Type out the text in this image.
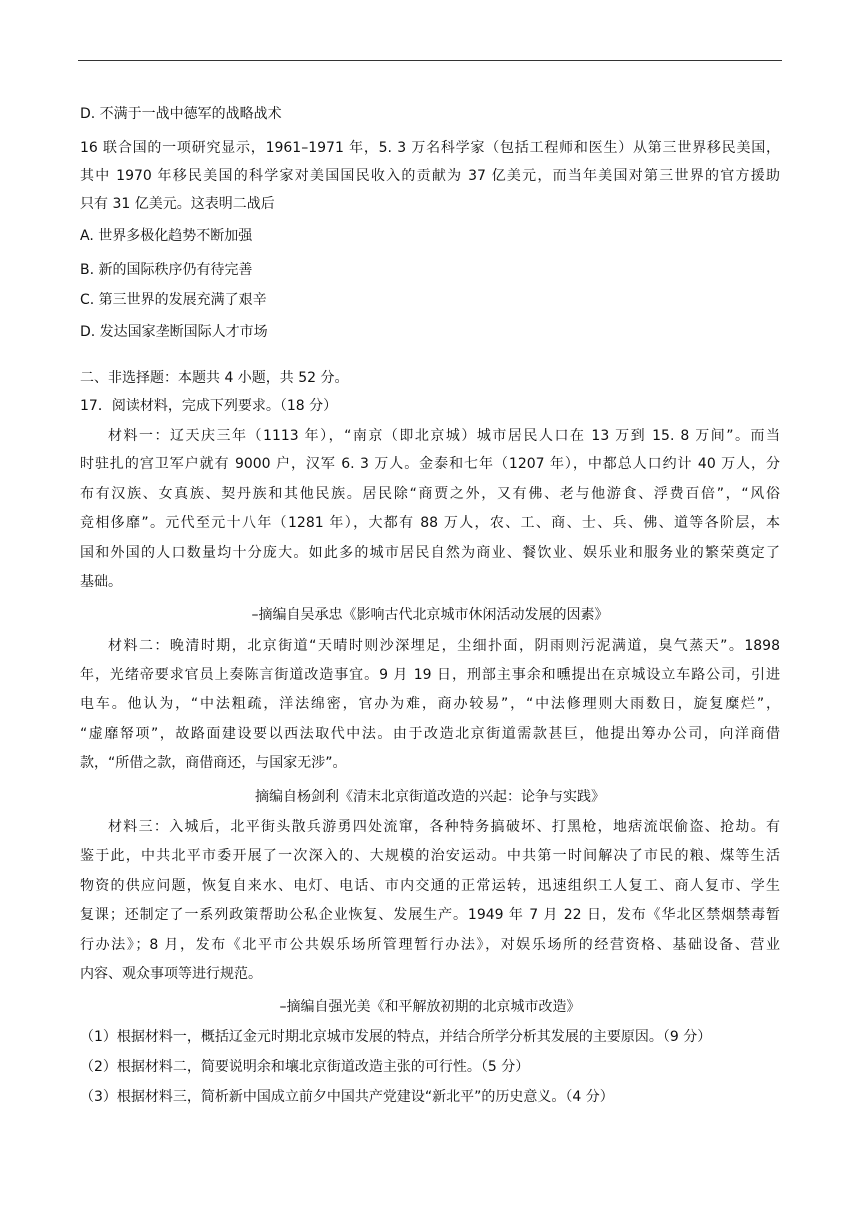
D. 不满于一战中德军的战略战术
16 联合国的一项研究显示，1961–1971 年，5. 3 万名科学家（包括工程师和医生）从第三世界移民美国，
其中 1970 年移民美国的科学家对美国国民收入的贡献为 37 亿美元，而当年美国对第三世界的官方援助
只有 31 亿美元。这表明二战后
A. 世界多极化趋势不断加强
B. 新的国际秩序仍有待完善
C. 第三世界的发展充满了艰辛
D. 发达国家垄断国际人才市场
二、非选择题：本题共 4 小题，共 52 分。
17．阅读材料，完成下列要求。（18 分）
材料一：辽天庆三年（1113 年），“南京（即北京城）城市居民人口在 13 万到 15. 8 万间”。而当
时驻扎的宫卫军户就有 9000 户，汉军 6. 3 万人。金泰和七年（1207 年），中都总人口约计 40 万人，分
布有汉族、女真族、契丹族和其他民族。居民除“商贾之外，又有佛、老与他游食、浮费百倍”，“风俗
竞相侈靡”。元代至元十八年（1281 年），大都有 88 万人，农、工、商、士、兵、佛、道等各阶层，本
国和外国的人口数量均十分庞大。如此多的城市居民自然为商业、餐饮业、娱乐业和服务业的繁荣奠定了
基础。
–摘编自吴承忠《影响古代北京城市休闲活动发展的因素》
材料二：晚清时期，北京街道“天晴时则沙深埋足，尘细扑面，阴雨则污泥满道，臭气蒸天”。1898
年，光绪帝要求官员上奏陈言街道改造事宜。9 月 19 日，刑部主事余和曛提出在京城设立车路公司，引进
电车。他认为，“中法粗疏，洋法绵密，官办为难，商办较易”，“中法修理则大雨数日，旋复糜烂”，
“虚靡帑项”，故路面建设要以西法取代中法。由于改造北京街道需款甚巨，他提出筹办公司，向洋商借
款，“所借之款，商借商还，与国家无涉”。
摘编自杨剑利《清末北京街道改造的兴起：论争与实践》
材料三：入城后，北平街头散兵游勇四处流窜，各种特务搞破坏、打黑枪，地痞流氓偷盗、抢劫。有
鉴于此，中共北平市委开展了一次深入的、大规模的治安运动。中共第一时间解决了市民的粮、煤等生活
物资的供应问题，恢复自来水、电灯、电话、市内交通的正常运转，迅速组织工人复工、商人复市、学生
复课；还制定了一系列政策帮助公私企业恢复、发展生产。1949 年 7 月 22 日，发布《华北区禁烟禁毒暂
行办法》；8 月，发布《北平市公共娱乐场所管理暂行办法》，对娱乐场所的经营资格、基础设备、营业
内容、观众事项等进行规范。
–摘编自强光美《和平解放初期的北京城市改造》
（1）根据材料一，概括辽金元时期北京城市发展的特点，并结合所学分析其发展的主要原因。（9 分）
（2）根据材料二，简要说明余和壤北京街道改造主张的可行性。（5 分）
（3）根据材料三，简析新中国成立前夕中国共产党建设“新北平”的历史意义。（4 分）
